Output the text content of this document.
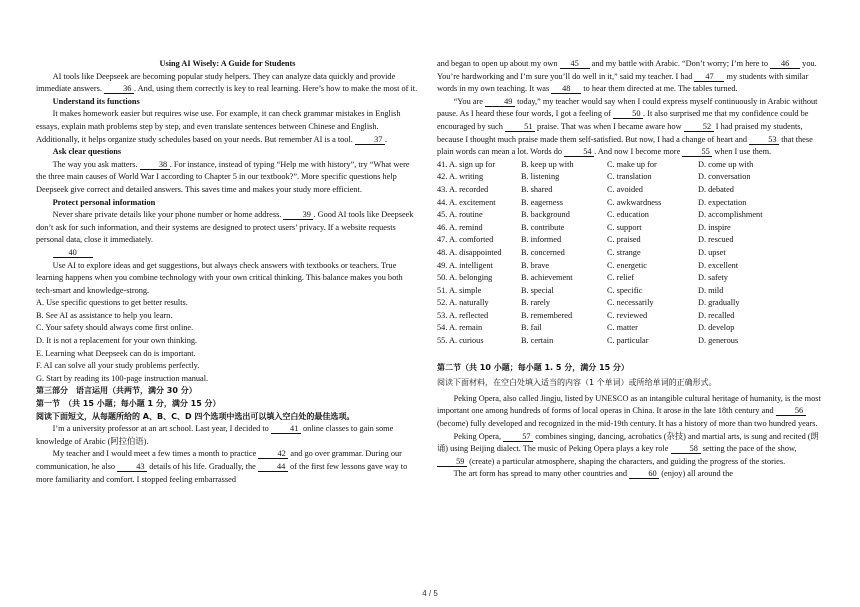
Using AI Wisely: A Guide for Students

AI tools like Deepseek are becoming popular study helpers. They can analyze data quickly and provide immediate answers.	36 . And, using them correctly is key to real learning. Here’s how to make the most of it.

Understand its functions

It makes homework easier but requires wise use. For example, it can check grammar mistakes in English essays, explain math problems step by step, and even translate sentences between Chinese and English. Additionally, it helps organize study schedules based on your needs. But remember AI is a tool.	37 .

Ask clear questions

The way you ask matters.	38 . For instance, instead of typing “Help me with history”, try “What were the three main causes of World War I according to Chapter 5 in our textbook?”. More specific questions help Deepseek give correct and detailed answers. This saves time and makes your study more efficient.

Protect personal information

Never share private details like your phone number or home address.	39 . Good AI tools like Deepseek don’t ask for such information, and their systems are designed to protect users’ privacy. If a website requests personal data, close it immediately.

40

Use AI to explore ideas and get suggestions, but always check answers with textbooks or teachers. True learning happens when you combine technology with your own critical thinking. This balance makes you both tech-smart and knowledge-strong.

A. Use specific questions to get better results.

B. See AI as assistance to help you learn.

C. Your safety should always come first online.

D. It is not a replacement for your own thinking.

E. Learning what Deepseek can do is important.

F. AI can solve all your study problems perfectly.

G. Start by reading its 100-page instruction manual.

第三部分　语言运用（共两节，满分 30 分）

第一节　（共 15 小题；每小题 1 分，满分 15 分）

阅读下面短文，从每题所给的 A、B、C、D 四个选项中选出可以填入空白处的最佳选项。

I’m a university professor at an art school. Last year, I decided to	41 online classes to gain some knowledge of Arabic (阿拉伯语).

My teacher and I would meet a few times a month to practice	42 and go over grammar. During our communication, he also	43 details of his life. Gradually, the	44 of the first few lessons gave way to more familiarity and comfort. I stopped feeling embarrassed

and began to open up about my own 45 and my battle with Arabic. “Don’t worry; I’m here to 46 you. You’re hardworking and I’m sure you’ll do well in it,” said my teacher. I had 47 my students with similar words in my own teaching. It was 48 to hear them directed at me. The tables turned.

“You are	49 today,” my teacher would say when I could express myself continuously in Arabic without pause. As I heard these four words, I got a feeling of	50 . It also surprised me that my confidence could be encouraged by such	51 praise. That was when I became aware how	52 I had praised my students, because I thought much praise made them self-satisfied. But now, I had a change of heart and	53 that these plain words can mean a lot. Words do	54 . And now I become more	55 when I use them.

41. A. sign up for	B. keep up with	C. make up for	D. come up with
42. A. writing	B. listening	C. translation	D. conversation
43. A. recorded	B. shared	C. avoided	D. debated
44. A. excitement	B. eagerness	C. awkwardness	D. expectation
45. A. routine	B. background	C. education	D. accomplishment
46. A. remind	B. contribute	C. support	D. inspire
47. A. comforted	B. informed	C. praised	D. rescued
48. A. disappointed	B. concerned	C. strange	D. upset
49. A. intelligent	B. brave	C. energetic	D. excellent
50. A. belonging	B. achievement	C. relief	D. safety
51. A. simple	B. special	C. specific	D. mild
52. A. naturally	B. rarely	C. necessarily	D. gradually
53. A. reflected	B. remembered	C. reviewed	D. recalled
54. A. remain	B. fail	C. matter	D. develop
55. A. curious	B. certain	C. particular	D. generous

第二节（共 10 小题；每小题 1. 5 分，满分 15 分）

阅读下面材料，在空白处填入适当的内容（1 个单词）或所给单词的正确形式。

Peking Opera, also called Jingju, listed by UNESCO as an intangible cultural heritage of humanity, is the most important one among hundreds of forms of local operas in China. It arose in the late 18th century and	56 (become) fully developed and recognized in the mid-19th century. It has a history of more than two hundred years.

Peking Opera,	57 combines singing, dancing, acrobatics (杂技) and martial arts, is sung and recited (朗诵) using Beijing dialect. The music of Peking Opera plays a key role	58 setting the pace of the show, 59 (create) a particular atmosphere, shaping the characters, and guiding the progress of the stories.

The art form has spread to many other countries and	60 (enjoy) all around the

4 / 5
